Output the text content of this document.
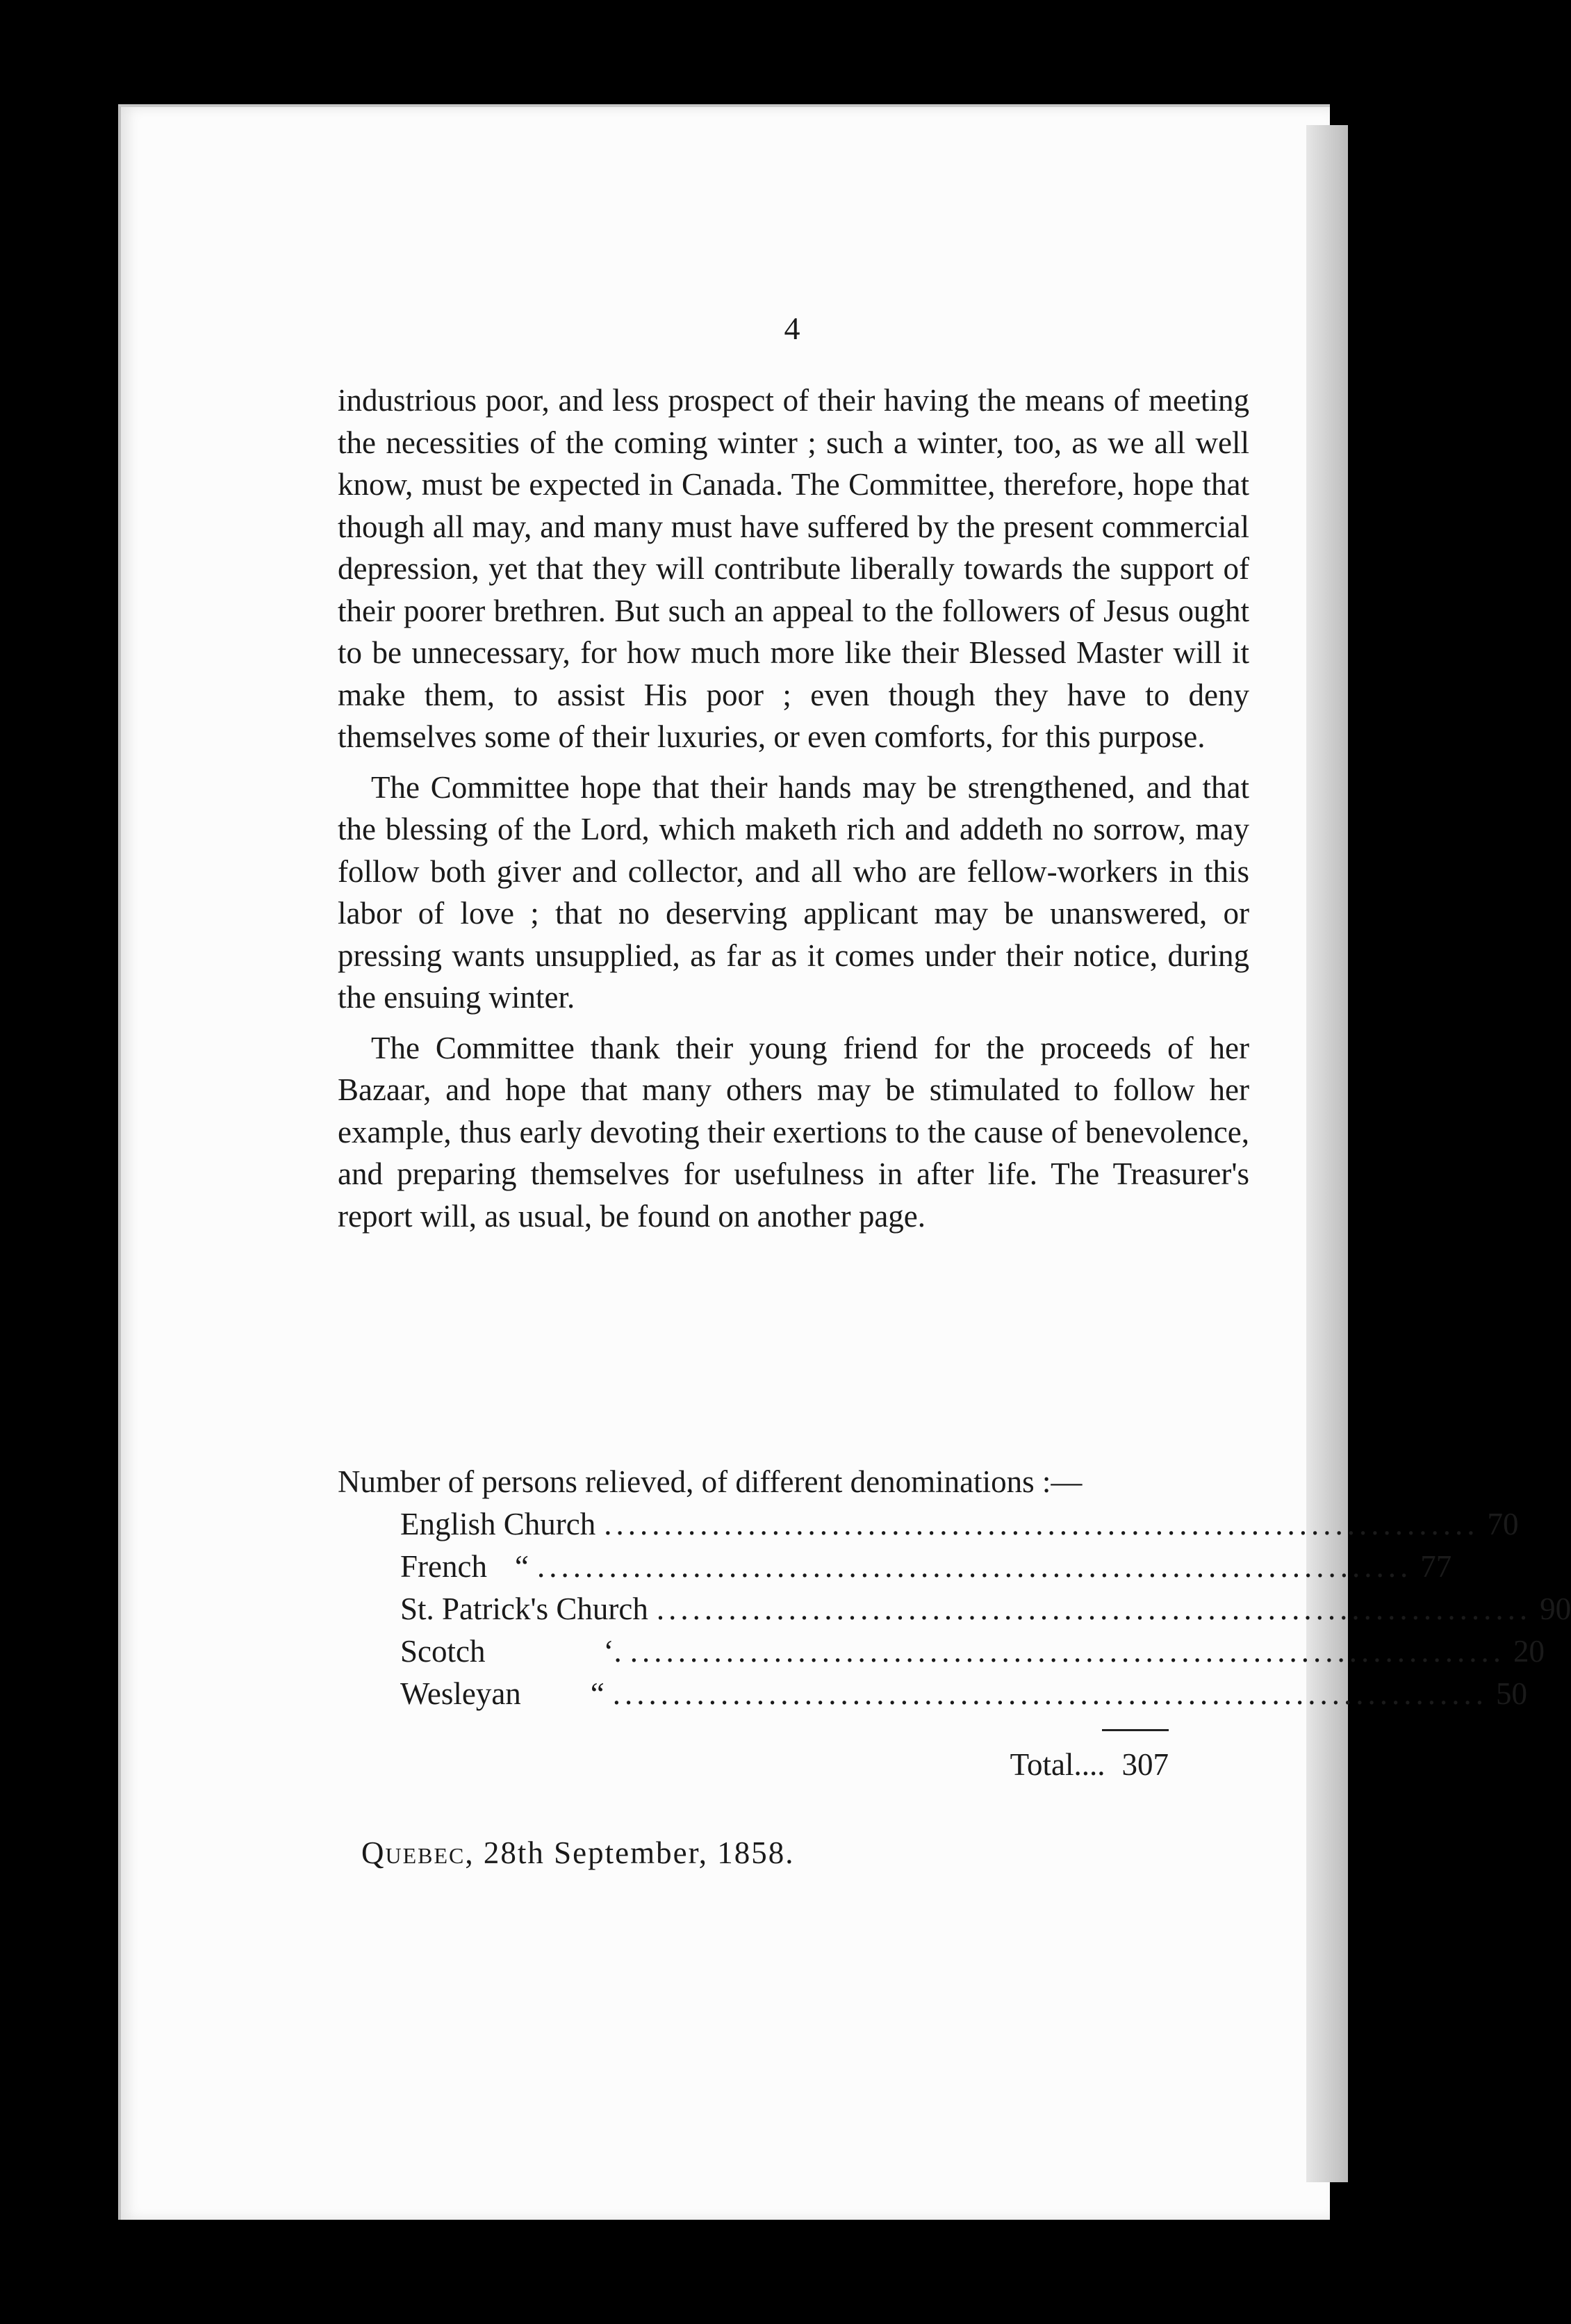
4

industrious poor, and less prospect of their having the means of meeting the necessities of the coming winter ; such a winter, too, as we all well know, must be expected in Canada. The Committee, therefore, hope that though all may, and many must have suffered by the present commercial depression, yet that they will contribute liberally towards the support of their poorer brethren. But such an appeal to the followers of Jesus ought to be unnecessary, for how much more like their Blessed Master will it make them, to assist His poor ; even though they have to deny themselves some of their luxuries, or even comforts, for this purpose.

The Committee hope that their hands may be strengthened, and that the blessing of the Lord, which maketh rich and addeth no sorrow, may follow both giver and collector, and all who are fellow-workers in this labor of love ; that no deserving applicant may be unanswered, or pressing wants unsupplied, as far as it comes under their notice, during the ensuing winter.

The Committee thank their young friend for the proceeds of her Bazaar, and hope that many others may be stimulated to follow her example, thus early devoting their exertions to the cause of benevolence, and preparing themselves for usefulness in after life. The Treasurer's report will, as usual, be found on another page.

Number of persons relieved, of different denominations :—
English Church ......................................................................... 70
French “ ......................................................................... 77
St. Patrick's Church ......................................................................... 90
Scotch	‘. ......................................................................... 20
Wesleyan “ ......................................................................... 50
Total.... 307
Quebec, 28th September, 1858.
